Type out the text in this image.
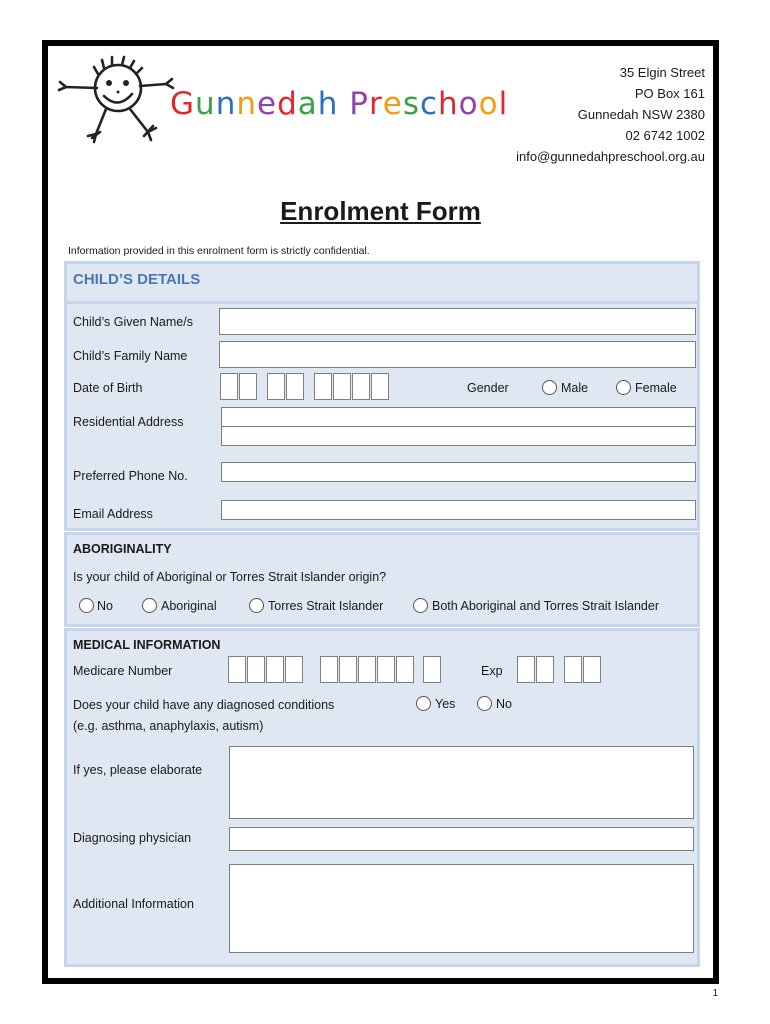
Gunnedah Preschool
35 Elgin Street
PO Box 161
Gunnedah NSW 2380
02 6742 1002
info@gunnedahpreschool.org.au
Enrolment Form
Information provided in this enrolment form is strictly confidential.
CHILD’S DETAILS
Child’s Given Name/s
Child’s Family Name
Date of Birth	Gender	Male	Female
Residential Address
Preferred Phone No.
Email Address
ABORIGINALITY
Is your child of Aboriginal or Torres Strait Islander origin?
No	Aboriginal	Torres Strait Islander	Both Aboriginal and Torres Strait Islander
MEDICAL INFORMATION
Medicare Number	Exp
Does your child have any diagnosed conditions
(e.g. asthma, anaphylaxis, autism)
Yes	No
If yes, please elaborate
Diagnosing physician
Additional Information
1
